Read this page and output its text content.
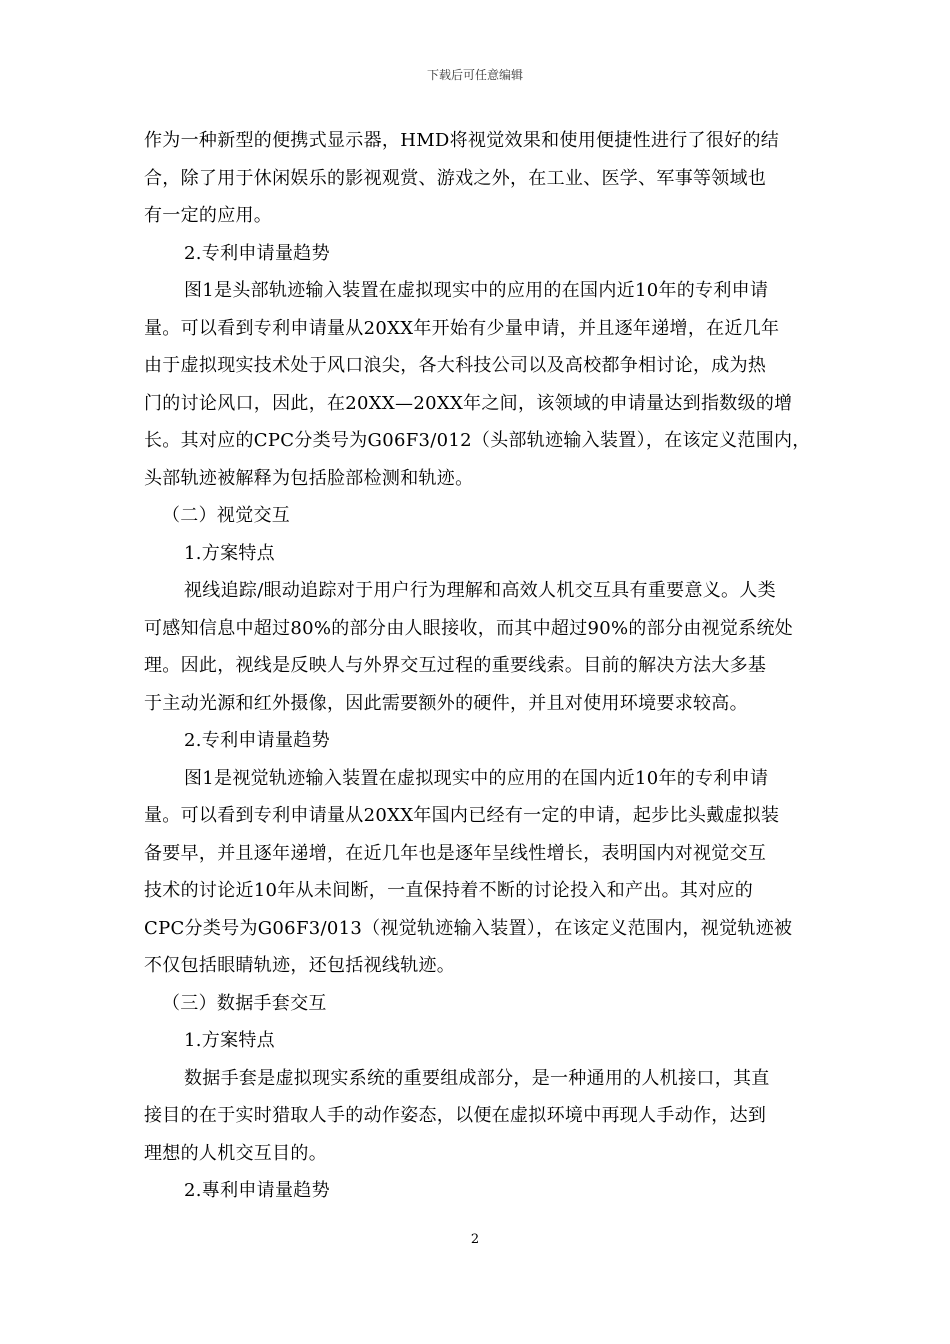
下载后可任意编辑
作为一种新型的便携式显示器，HMD将视觉效果和使用便捷性进行了很好的结
合，除了用于休闲娱乐的影视观赏、游戏之外，在工业、医学、军事等领域也
有一定的应用。
2.专利申请量趋势
图1是头部轨迹输入装置在虚拟现实中的应用的在国内近10年的专利申请
量。可以看到专利申请量从20XX年开始有少量申请，并且逐年递增，在近几年
由于虚拟现实技术处于风口浪尖，各大科技公司以及高校都争相讨论，成为热
门的讨论风口，因此，在20XX—20XX年之间，该领域的申请量达到指数级的增
长。其对应的CPC分类号为G06F3/012（头部轨迹输入装置），在该定义范围内，
头部轨迹被解释为包括脸部检测和轨迹。
（二）视觉交互
1.方案特点
视线追踪/眼动追踪对于用户行为理解和高效人机交互具有重要意义。人类
可感知信息中超过80%的部分由人眼接收，而其中超过90%的部分由视觉系统处
理。因此，视线是反映人与外界交互过程的重要线索。目前的解决方法大多基
于主动光源和红外摄像，因此需要额外的硬件，并且对使用环境要求较高。
2.专利申请量趋势
图1是视觉轨迹输入装置在虚拟现实中的应用的在国内近10年的专利申请
量。可以看到专利申请量从20XX年国内已经有一定的申请，起步比头戴虚拟装
备要早，并且逐年递增，在近几年也是逐年呈线性增长，表明国内对视觉交互
技术的讨论近10年从未间断，一直保持着不断的讨论投入和产出。其对应的
CPC分类号为G06F3/013（视觉轨迹输入装置），在该定义范围内，视觉轨迹被
不仅包括眼睛轨迹，还包括视线轨迹。
（三）数据手套交互
1.方案特点
数据手套是虚拟现实系统的重要组成部分，是一种通用的人机接口，其直
接目的在于实时猎取人手的动作姿态，以便在虚拟环境中再现人手动作，达到
理想的人机交互目的。
2.專利申请量趋势
2
